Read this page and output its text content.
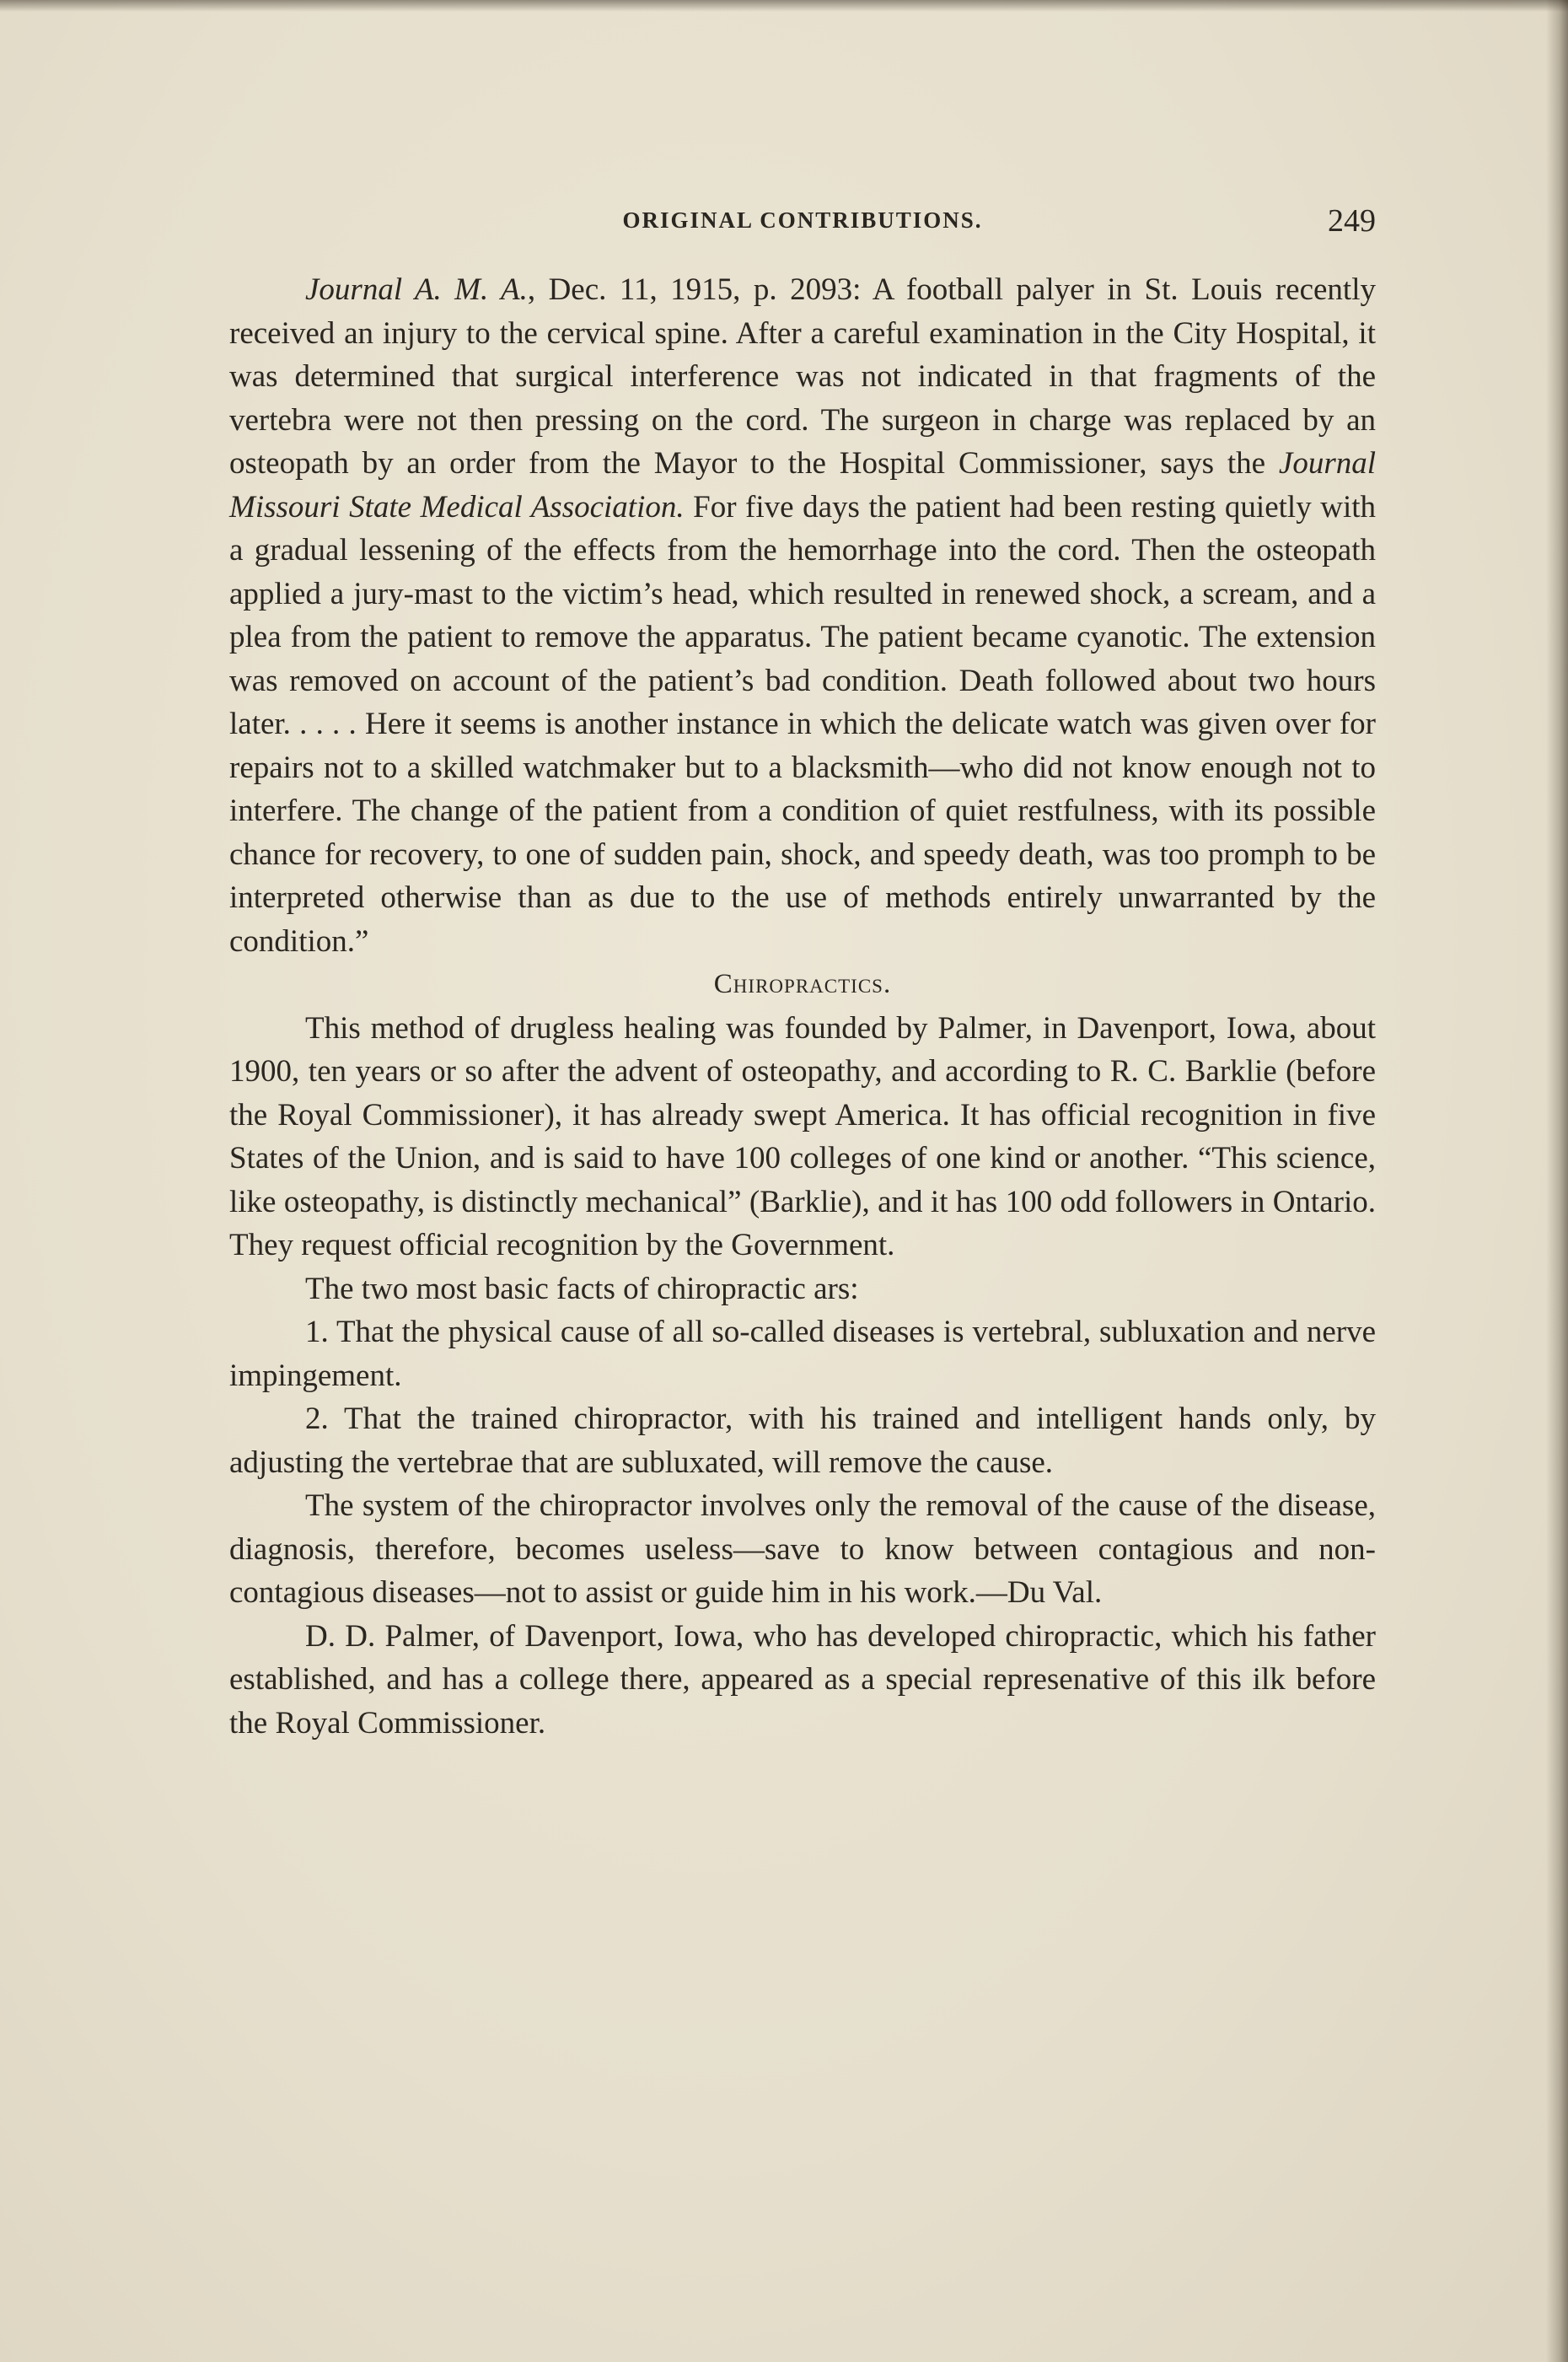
ORIGINAL CONTRIBUTIONS.	249

Journal A. M. A., Dec. 11, 1915, p. 2093: A football palyer in St. Louis recently received an injury to the cervical spine. After a careful examination in the City Hospital, it was determined that surgical interference was not indicated in that fragments of the vertebra were not then pressing on the cord. The surgeon in charge was replaced by an osteopath by an order from the Mayor to the Hospital Commissioner, says the Journal Missouri State Medical Association. For five days the patient had been resting quietly with a gradual lessening of the effects from the hemorrhage into the cord. Then the osteopath applied a jury-mast to the victim’s head, which resulted in renewed shock, a scream, and a plea from the patient to remove the apparatus. The patient became cyanotic. The extension was removed on account of the patient’s bad condition. Death followed about two hours later. . . . . Here it seems is another instance in which the delicate watch was given over for repairs not to a skilled watchmaker but to a blacksmith—who did not know enough not to interfere. The change of the patient from a condition of quiet restfulness, with its possible chance for recovery, to one of sudden pain, shock, and speedy death, was too promph to be interpreted otherwise than as due to the use of methods entirely unwarranted by the condition.”

Chiropractics.

This method of drugless healing was founded by Palmer, in Davenport, Iowa, about 1900, ten years or so after the advent of osteopathy, and according to R. C. Barklie (before the Royal Commissioner), it has already swept America. It has official recognition in five States of the Union, and is said to have 100 colleges of one kind or another. “This science, like osteopathy, is distinctly mechanical” (Barklie), and it has 100 odd followers in Ontario. They request official recognition by the Government.

The two most basic facts of chiropractic ars:

1. That the physical cause of all so-called diseases is vertebral, subluxation and nerve impingement.

2. That the trained chiropractor, with his trained and intelligent hands only, by adjusting the vertebrae that are subluxated, will remove the cause.

The system of the chiropractor involves only the removal of the cause of the disease, diagnosis, therefore, becomes useless—save to know between contagious and non-contagious diseases—not to assist or guide him in his work.—Du Val.

D. D. Palmer, of Davenport, Iowa, who has developed chiropractic, which his father established, and has a college there, appeared as a special represenative of this ilk before the Royal Commissioner.
